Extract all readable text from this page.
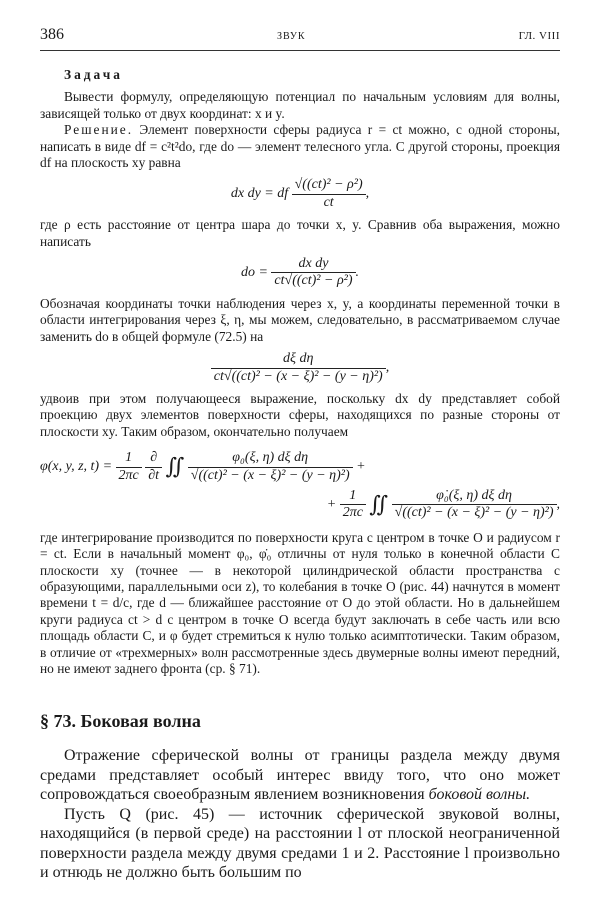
386	ЗВУК	ГЛ. VIII

Задача

Вывести формулу, определяющую потенциал по начальным условиям для волны, зависящей только от двух координат: x и y.

Решение. Элемент поверхности сферы радиуса r = ct можно, с одной стороны, написать в виде df = c²t²do, где do — элемент телесного угла. С другой стороны, проекция df на плоскость xy равна

dx dy = df $\frac{\text{√((ct)² − ρ²)}}{ct}$ ,

где ρ есть расстояние от центра шара до точки x, y. Сравнив оба выражения, можно написать

do = $\frac{\text{dx dy}}{\text{ct√((ct)² − ρ²)}}$ .

Обозначая координаты точки наблюдения через x, y, а координаты переменной точки в области интегрирования через ξ, η, мы можем, следовательно, в рассматриваемом случае заменить do в общей формуле (72.5) на

$\frac{\text{dξ dη}}{\text{ct√((ct)² − (x − ξ)² − (y − η)²)}}$ ,

удвоив при этом получающееся выражение, поскольку dx dy представляет собой проекцию двух элементов поверхности сферы, находящихся по разные стороны от плоскости xy. Таким образом, окончательно получаем

φ(x, y, z, $t) = \frac{1}{2\pi c}$
$\frac{\partial}{\partial t}$ ∬ $\frac{\text{φ₀(ξ, η) dξ dη}}{\text{√((ct)² − (x − ξ)² − (y − η)²)}}$ +
+ $\frac{1}{2\pi c}$ ∬ $\frac{\text{φ̇₀(ξ, η) dξ dη}}{\text{√((ct)² − (x − ξ)² − (y − η)²)}}$ ,

где интегрирование производится по поверхности круга с центром в точке O и радиусом r = ct. Если в начальный момент φ₀, φ̇₀ отличны от нуля только в конечной области C плоскости xy (точнее — в некоторой цилиндрической области пространства с образующими, параллельными оси z), то колебания в точке O (рис. 44) начнутся в момент времени t = d/c, где d — ближайшее расстояние от O до этой области. Но в дальнейшем круги радиуса ct > d с центром в точке O всегда будут заключать в себе часть или всю площадь области C, и φ будет стремиться к нулю только асимптотически. Таким образом, в отличие от «трехмерных» волн рассмотренные здесь двумерные волны имеют передний, но не имеют заднего фронта (ср. § 71).

§ 73. Боковая волна

Отражение сферической волны от границы раздела между двумя средами представляет особый интерес ввиду того, что оно может сопровождаться своеобразным явлением возникновения боковой волны.

Пусть Q (рис. 45) — источник сферической звуковой волны, находящийся (в первой среде) на расстоянии l от плоской неограниченной поверхности раздела между двумя средами 1 и 2. Расстояние l произвольно и отнюдь не должно быть большим по
